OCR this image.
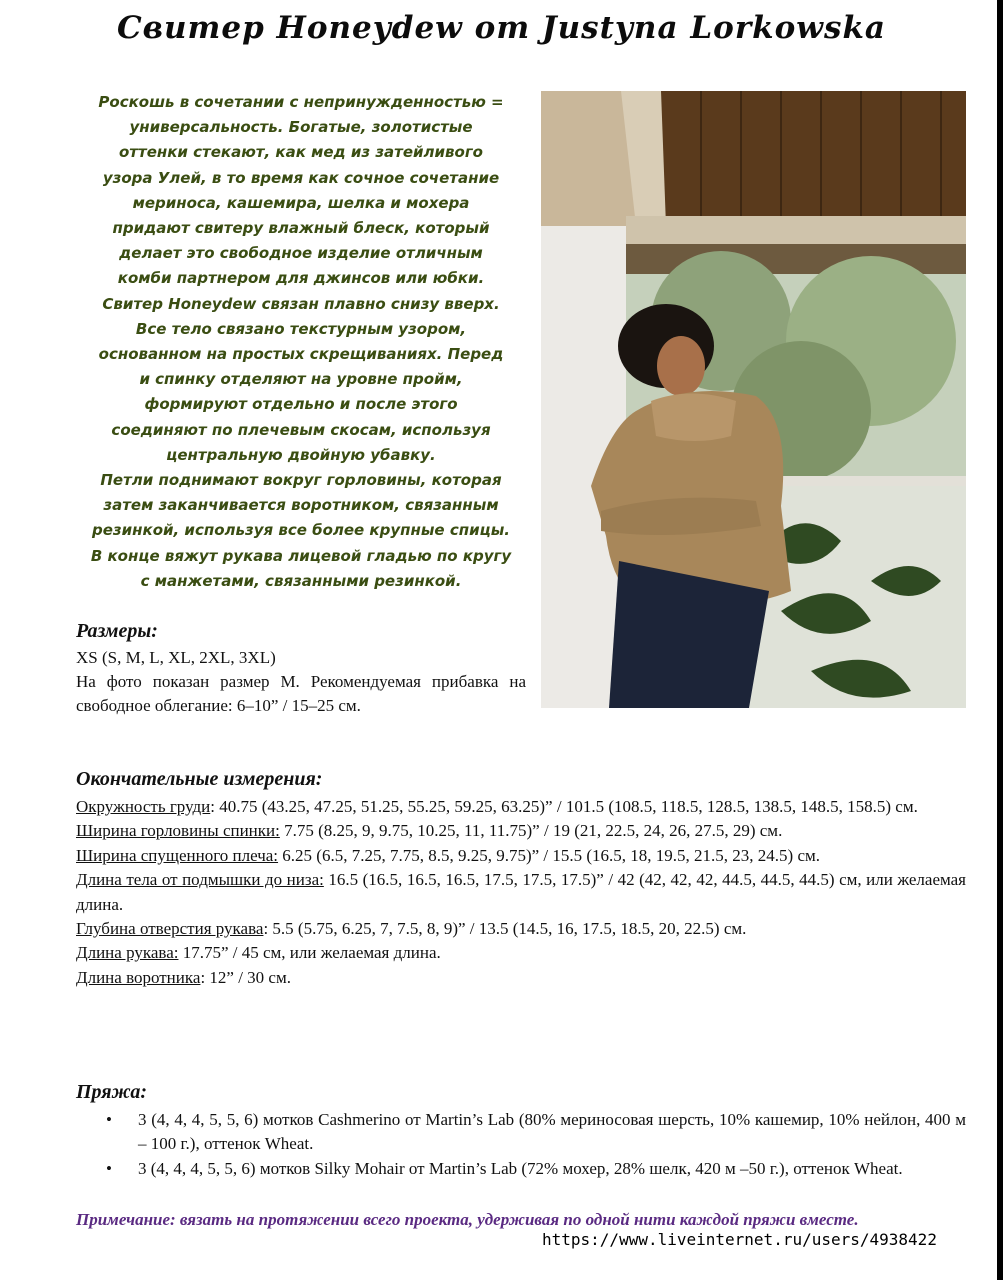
Свитер Honeydew от Justyna Lorkowska
Роскошь в сочетании с непринужденностью =
универсальность. Богатые, золотистые
оттенки стекают, как мед из затейливого
узора Улей, в то время как сочное сочетание
мериноса, кашемира, шелка и мохера
придают свитеру влажный блеск, который
делает это свободное изделие отличным
комби партнером для джинсов или юбки.
Свитер Honeydew связан плавно снизу вверх.
Все тело связано текстурным узором,
основанном на простых скрещиваниях. Перед
и спинку отделяют на уровне пройм,
формируют отдельно и после этого
соединяют по плечевым скосам, используя
центральную двойную убавку.
Петли поднимают вокруг горловины, которая
затем заканчивается воротником, связанным
резинкой, используя все более крупные спицы.
В конце вяжут рукава лицевой гладью по кругу
с манжетами, связанными резинкой.
Размеры:
XS (S, M, L, XL, 2XL, 3XL)
На фото показан размер M. Рекомендуемая прибавка на свободное облегание: 6–10” / 15–25 см.
Окончательные измерения:

Окружность груди: 40.75 (43.25, 47.25, 51.25, 55.25, 59.25, 63.25)” / 101.5 (108.5, 118.5, 128.5, 138.5, 148.5, 158.5) см.

Ширина горловины спинки: 7.75 (8.25, 9, 9.75, 10.25, 11, 11.75)” / 19 (21, 22.5, 24, 26, 27.5, 29) см.

Ширина спущенного плеча: 6.25 (6.5, 7.25, 7.75, 8.5, 9.25, 9.75)” / 15.5 (16.5, 18, 19.5, 21.5, 23, 24.5) см.

Длина тела от подмышки до низа: 16.5 (16.5, 16.5, 16.5, 17.5, 17.5, 17.5)” / 42 (42, 42, 42, 44.5, 44.5, 44.5) см, или желаемая длина.

Глубина отверстия рукава: 5.5 (5.75, 6.25, 7, 7.5, 8, 9)” / 13.5 (14.5, 16, 17.5, 18.5, 20, 22.5) см.

Длина рукава: 17.75” / 45 см, или желаемая длина.

Длина воротника: 12” / 30 см.

Пряжа:
• 3 (4, 4, 4, 5, 5, 6) мотков Cashmerino от Martin’s Lab (80% мериносовая шерсть, 10% кашемир, 10% нейлон, 400 м – 100 г.), оттенок Wheat.
• 3 (4, 4, 4, 5, 5, 6) мотков Silky Mohair от Martin’s Lab (72% мохер, 28% шелк, 420 м –50 г.), оттенок Wheat.
Примечание: вязать на протяжении всего проекта, удерживая по одной нити каждой пряжи вместе.
https://www.liveinternet.ru/users/4938422
